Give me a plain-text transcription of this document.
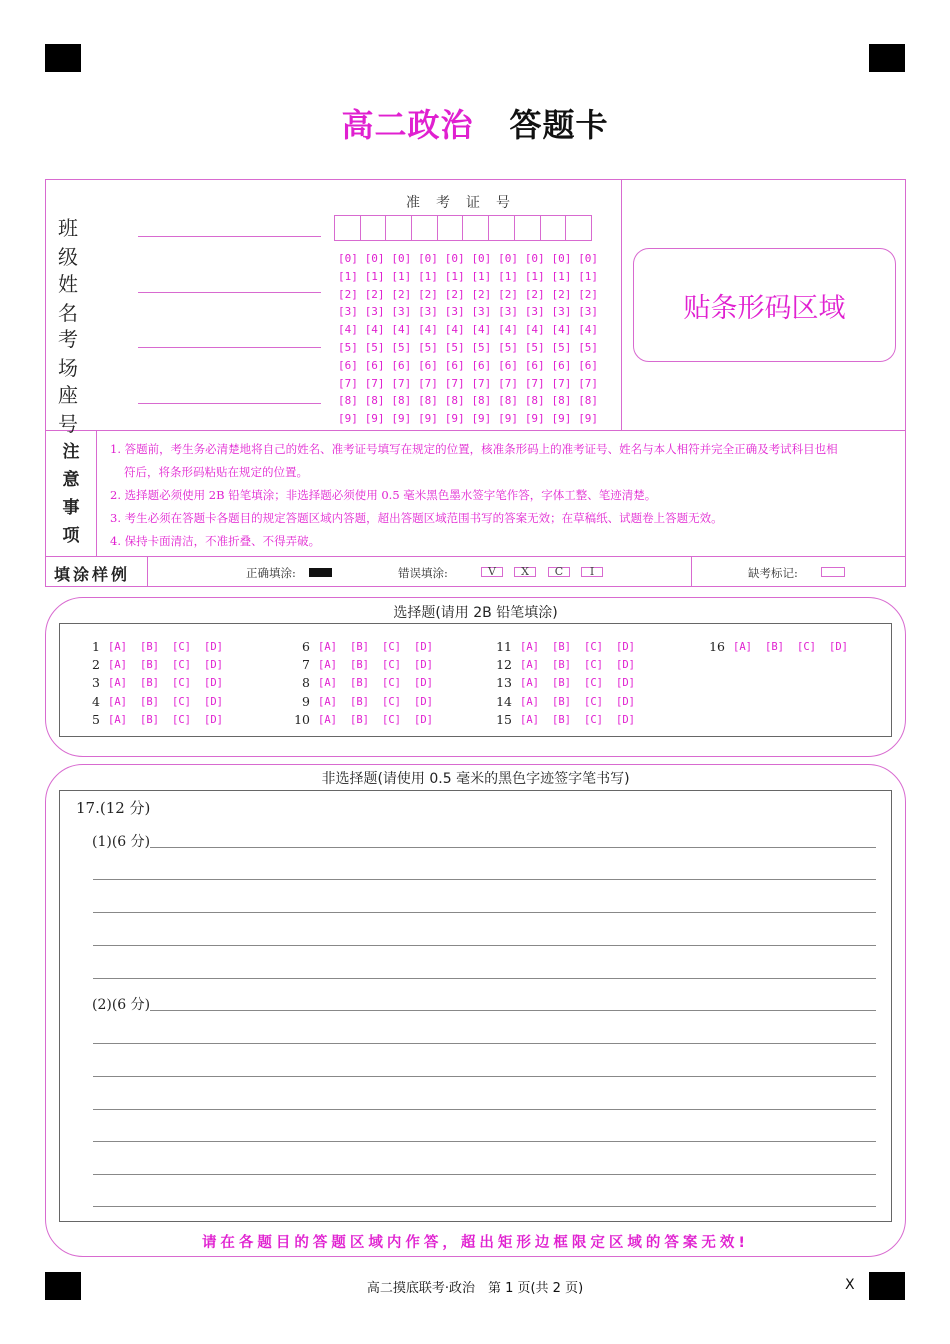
高二政治 答题卡
班级
姓名
考场
座号
准考证号
[0] [0] [0] [0] [0] [0] [0] [0] [0] [0]
[1] [1] [1] [1] [1] [1] [1] [1] [1] [1]
[2] [2] [2] [2] [2] [2] [2] [2] [2] [2]
[3] [3] [3] [3] [3] [3] [3] [3] [3] [3]
[4] [4] [4] [4] [4] [4] [4] [4] [4] [4]
[5] [5] [5] [5] [5] [5] [5] [5] [5] [5]
[6] [6] [6] [6] [6] [6] [6] [6] [6] [6]
[7] [7] [7] [7] [7] [7] [7] [7] [7] [7]
[8] [8] [8] [8] [8] [8] [8] [8] [8] [8]
[9] [9] [9] [9] [9] [9] [9] [9] [9] [9]
贴条形码区域
注
意
事
项
1. 答题前，考生务必清楚地将自己的姓名、准考证号填写在规定的位置，核准条形码上的准考证号、姓名与本人相符并完全正确及考试科目也相
符后，将条形码粘贴在规定的位置。
2. 选择题必须使用 2B 铅笔填涂；非选择题必须使用 0.5 毫米黑色墨水签字笔作答，字体工整、笔迹清楚。
3. 考生必须在答题卡各题目的规定答题区域内答题，超出答题区域范围书写的答案无效；在草稿纸、试题卷上答题无效。
4. 保持卡面清洁，不准折叠、不得弄破。
填涂样例	正确填涂:	错误填涂:	V	X	C	I	缺考标记:
选择题(请用 2B 铅笔填涂)
1 [A]	[B]	[C]	[D]
2 [A]	[B]	[C]	[D]
3 [A]	[B]	[C]	[D]
4 [A]	[B]	[C]	[D]
5 [A]	[B]	[C]	[D]
6 [A]	[B]	[C]	[D]
7 [A]	[B]	[C]	[D]
8 [A]	[B]	[C]	[D]
9 [A]	[B]	[C]	[D]
10 [A]	[B]	[C]	[D]
11 [A]	[B]	[C]	[D]
12 [A]	[B]	[C]	[D]
13 [A]	[B]	[C]	[D]
14 [A]	[B]	[C]	[D]
15 [A]	[B]	[C]	[D]
16 [A]	[B]	[C]	[D]
非选择题(请使用 0.5 毫米的黑色字迹签字笔书写)
17.(12 分)
(1)(6 分)
(2)(6 分)
请在各题目的答题区域内作答，超出矩形边框限定区域的答案无效!
高二摸底联考·政治　第 1 页(共 2 页)	X
